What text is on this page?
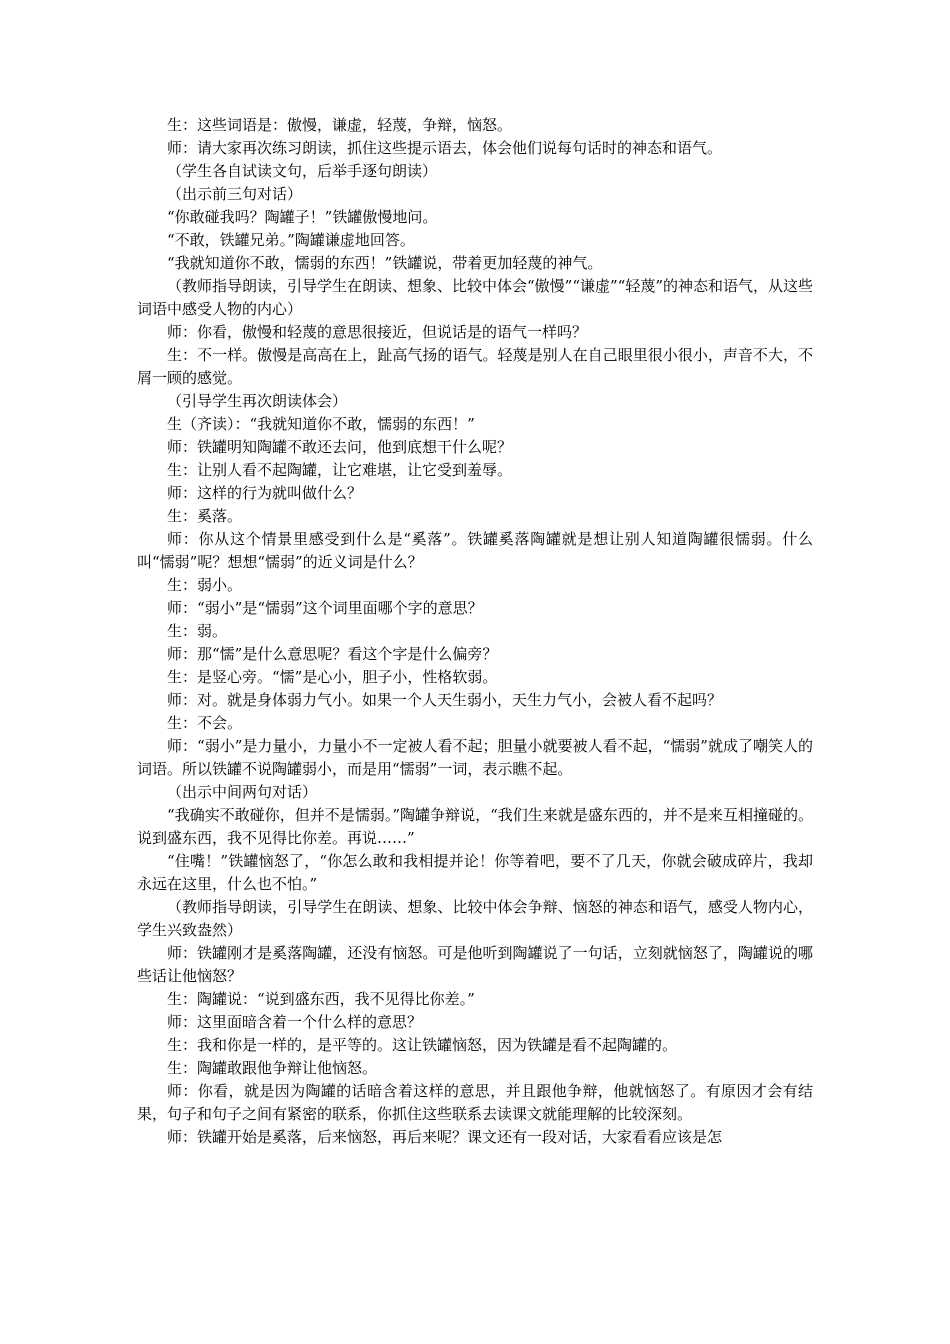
生：这些词语是：傲慢，谦虚，轻蔑，争辩，恼怒。

师：请大家再次练习朗读，抓住这些提示语去，体会他们说每句话时的神态和语气。

（学生各自试读文句，后举手逐句朗读）

（出示前三句对话）

“你敢碰我吗？陶罐子！”铁罐傲慢地问。

“不敢，铁罐兄弟。”陶罐谦虚地回答。

“我就知道你不敢，懦弱的东西！”铁罐说，带着更加轻蔑的神气。

（教师指导朗读，引导学生在朗读、想象、比较中体会“傲慢”“谦虚”“轻蔑”的神态和语气，从这些词语中感受人物的内心）

师：你看，傲慢和轻蔑的意思很接近，但说话是的语气一样吗？

生：不一样。傲慢是高高在上，趾高气扬的语气。轻蔑是别人在自己眼里很小很小，声音不大，不屑一顾的感觉。

（引导学生再次朗读体会）

生（齐读）：“我就知道你不敢，懦弱的东西！”

师：铁罐明知陶罐不敢还去问，他到底想干什么呢？

生：让别人看不起陶罐，让它难堪，让它受到羞辱。

师：这样的行为就叫做什么？

生：奚落。

师：你从这个情景里感受到什么是“奚落”。铁罐奚落陶罐就是想让别人知道陶罐很懦弱。什么叫“懦弱”呢？想想“懦弱”的近义词是什么？

生：弱小。

师：“弱小”是“懦弱”这个词里面哪个字的意思？

生：弱。

师：那“懦”是什么意思呢？看这个字是什么偏旁？

生：是竖心旁。“懦”是心小，胆子小，性格软弱。

师：对。就是身体弱力气小。如果一个人天生弱小，天生力气小，会被人看不起吗？

生：不会。

师：“弱小”是力量小，力量小不一定被人看不起；胆量小就要被人看不起，“懦弱”就成了嘲笑人的词语。所以铁罐不说陶罐弱小，而是用“懦弱”一词，表示瞧不起。

（出示中间两句对话）

“我确实不敢碰你，但并不是懦弱。”陶罐争辩说，“我们生来就是盛东西的，并不是来互相撞碰的。说到盛东西，我不见得比你差。再说……”

“住嘴！”铁罐恼怒了，“你怎么敢和我相提并论！你等着吧，要不了几天，你就会破成碎片，我却永远在这里，什么也不怕。”

（教师指导朗读，引导学生在朗读、想象、比较中体会争辩、恼怒的神态和语气，感受人物内心，学生兴致盎然）

师：铁罐刚才是奚落陶罐，还没有恼怒。可是他听到陶罐说了一句话，立刻就恼怒了，陶罐说的哪些话让他恼怒？

生：陶罐说：“说到盛东西，我不见得比你差。”

师：这里面暗含着一个什么样的意思？

生：我和你是一样的，是平等的。这让铁罐恼怒，因为铁罐是看不起陶罐的。

生：陶罐敢跟他争辩让他恼怒。

师：你看，就是因为陶罐的话暗含着这样的意思，并且跟他争辩，他就恼怒了。有原因才会有结果，句子和句子之间有紧密的联系，你抓住这些联系去读课文就能理解的比较深刻。

师：铁罐开始是奚落，后来恼怒，再后来呢？课文还有一段对话，大家看看应该是怎
